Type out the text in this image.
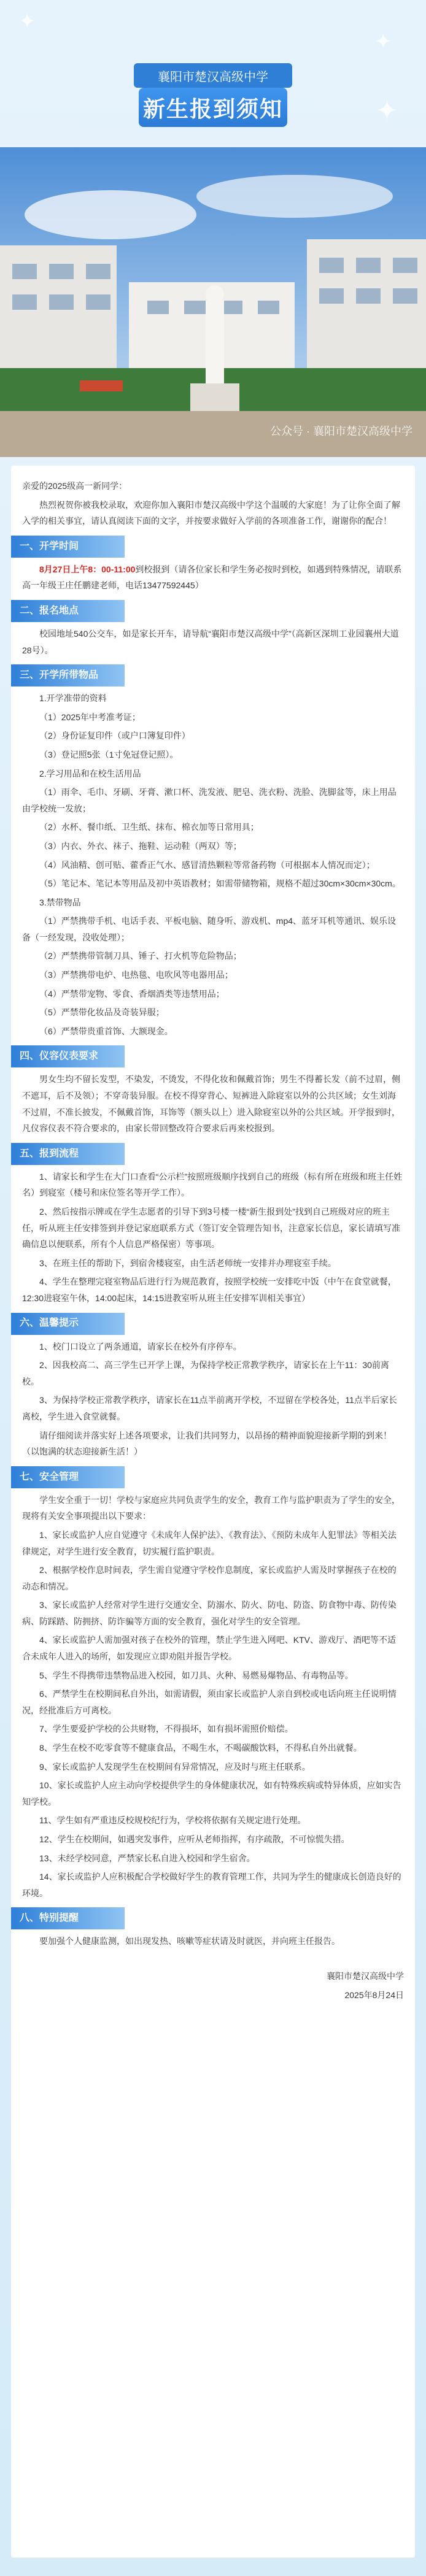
✦
✦
✦
襄阳市楚汉高级中学
新生报到须知
公众号 · 襄阳市楚汉高级中学

亲爱的2025级高一新同学：

热烈祝贺你被我校录取，欢迎你加入襄阳市楚汉高级中学这个温暖的大家庭！为了让你全面了解入学的相关事宜，请认真阅读下面的文字，并按要求做好入学前的各项准备工作，谢谢你的配合！

一、开学时间

8月27日上午8：00-11:00到校报到（请各位家长和学生务必按时到校，如遇到特殊情况，请联系高一年级王庄任鹏建老师，电话13477592445）

二、报名地点

校园地址540公交车，如是家长开车，请导航“襄阳市楚汉高级中学”（高新区深圳工业园襄州大道28号）。

三、开学所带物品

1.开学准带的资料

（1）2025年中考准考证；

（2）身份证复印件（或户口簿复印件）

（3）登记照5张（1寸免冠登记照）。

2.学习用品和在校生活用品

（1）雨伞、毛巾、牙刷、牙膏、漱口杯、洗发液、肥皂、洗衣粉、洗脸、洗脚盆等，床上用品由学校统一发放；

（2）水杯、餐巾纸、卫生纸、抹布、棉衣加等日常用具；

（3）内衣、外衣、袜子、拖鞋、运动鞋（两双）等；

（4）风油精、创可贴、藿香正气水、感冒清热颗粒等常备药物（可根据本人情况而定）；

（5）笔记本、笔记本等用品及初中英语教材；如需带储物箱，规格不超过30cm×30cm×30cm。

3.禁带物品

（1）严禁携带手机、电话手表、平板电脑、随身听、游戏机、mp4、蓝牙耳机等通讯、娱乐设备（一经发现，没收处理）；

（2）严禁携带管制刀具、锤子、打火机等危险物品；

（3）严禁携带电炉、电热毯、电吹风等电器用品；

（4）严禁带宠物、零食、香烟酒类等违禁用品；

（5）严禁带化妆品及奇装异服；

（6）严禁带贵重首饰、大额现金。

四、仪容仪表要求

男女生均不留长发型，不染发，不烫发，不得化妆和佩戴首饰；男生不得蓄长发（前不过眉，侧不遮耳，后不及领）；不穿奇装异服。在校不得穿背心、短裤进入除寝室以外的公共区域；女生刘海不过眉，不准长披发，不佩戴首饰，耳饰等（额头以上）进入除寝室以外的公共区域。开学报到时，凡仪容仪表不符合要求的，由家长带回整改符合要求后再来校报到。

五、报到流程

1、请家长和学生在大门口查看“公示栏”按照班级顺序找到自己的班级（标有所在班级和班主任姓名）到寝室（楼号和床位签名等开学工作）。

2、然后按指示牌或在学生志愿者的引导下到3号楼一楼“新生报到处”找到自己班级对应的班主任，听从班主任安排签到并登记家庭联系方式（签订安全管理告知书，注意家长信息，家长请填写准确信息以便联系，所有个人信息严格保密）等事项。

3、在班主任的帮助下，到宿舍楼寝室，由生活老师统一安排并办理寝室手续。

4、学生在整理完寝室物品后进行行为规范教育，按照学校统一安排吃中饭（中午在食堂就餐，12:30进寝室午休，14:00起床，14:15进教室听从班主任安排军训相关事宜）

六、温馨提示

1、校门口设立了两条通道，请家长在校外有序停车。

2、因我校高二、高三学生已开学上课，为保持学校正常教学秩序，请家长在上午11：30前离校。

3、为保持学校正常教学秩序，请家长在11点半前离开学校，不逗留在学校各处，11点半后家长离校，学生进入食堂就餐。

请仔细阅读并落实好上述各项要求，让我们共同努力，以昂扬的精神面貌迎接新学期的到来！（以饱满的状态迎接新生活！）

七、安全管理

学生安全重于一切！学校与家庭应共同负责学生的安全，教育工作与监护职责为了学生的安全，现将有关安全事项提出以下要求：

1、家长或监护人应自觉遵守《未成年人保护法》、《教育法》、《预防未成年人犯罪法》等相关法律规定，对学生进行安全教育，切实履行监护职责。

2、根据学校作息时间表，学生需自觉遵守学校作息制度，家长或监护人需及时掌握孩子在校的动态和情况。

3、家长或监护人经常对学生进行交通安全、防溺水、防火、防电、防盗、防食物中毒、防传染病、防踩踏、防拥挤、防诈骗等方面的安全教育，强化对学生的安全管理。

4、家长或监护人需加强对孩子在校外的管理，禁止学生进入网吧、KTV、游戏厅、酒吧等不适合未成年人进入的场所，如发现应立即劝阻并报告学校。

5、学生不得携带违禁物品进入校园，如刀具、火种、易燃易爆物品、有毒物品等。

6、严禁学生在校期间私自外出，如需请假，须由家长或监护人亲自到校或电话向班主任说明情况，经批准后方可离校。

7、学生要爱护学校的公共财物，不得损坏，如有损坏需照价赔偿。

8、学生在校不吃零食等不健康食品，不喝生水，不喝碳酸饮料，不得私自外出就餐。

9、家长或监护人发现学生在校期间有异常情况，应及时与班主任联系。

10、家长或监护人应主动向学校提供学生的身体健康状况，如有特殊疾病或特异体质，应如实告知学校。

11、学生如有严重违反校规校纪行为，学校将依据有关规定进行处理。

12、学生在校期间，如遇突发事件，应听从老师指挥，有序疏散，不可惊慌失措。

13、未经学校同意，严禁家长私自进入校园和学生宿舍。

14、家长或监护人应积极配合学校做好学生的教育管理工作，共同为学生的健康成长创造良好的环境。

八、特别提醒

要加强个人健康监测，如出现发热、咳嗽等症状请及时就医，并向班主任报告。

襄阳市楚汉高级中学

2025年8月24日
